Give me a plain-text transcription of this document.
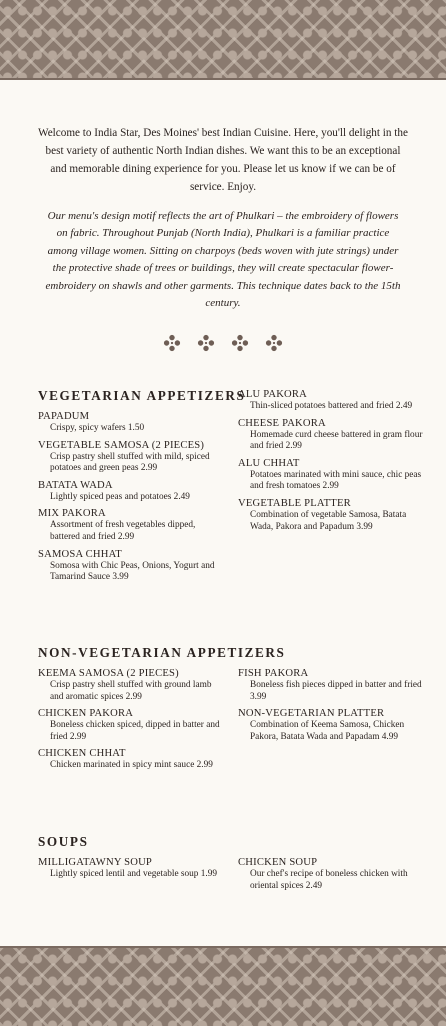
Welcome to India Star, Des Moines' best Indian Cuisine. Here, you'll delight in the best variety of authentic North Indian dishes. We want this to be an exceptional and memorable dining experience for you. Please let us know if we can be of service. Enjoy.
Our menu's design motif reflects the art of Phulkari – the embroidery of flowers on fabric. Throughout Punjab (North India), Phulkari is a familiar practice among village women. Sitting on charpoys (beds woven with jute strings) under the protective shade of trees or buildings, they will create spectacular flower-embroidery on shawls and other garments. This technique dates back to the 15th century.
VEGETARIAN APPETIZERS
PAPADUM
Crispy, spicy wafers 1.50
VEGETABLE SAMOSA (2 PIECES)
Crisp pastry shell stuffed with mild, spiced potatoes and green peas 2.99
BATATA WADA
Lightly spiced peas and potatoes 2.49
MIX PAKORA
Assortment of fresh vegetables dipped, battered and fried 2.99
SAMOSA CHHAT
Somosa with Chic Peas, Onions, Yogurt and Tamarind Sauce 3.99
ALU PAKORA
Thin-sliced potatoes battered and fried 2.49
CHEESE PAKORA
Homemade curd cheese battered in gram flour and fried 2.99
ALU CHHAT
Potatoes marinated with mini sauce, chic peas and fresh tomatoes 2.99
VEGETABLE PLATTER
Combination of vegetable Samosa, Batata Wada, Pakora and Papadum 3.99
NON-VEGETARIAN APPETIZERS
KEEMA SAMOSA (2 PIECES)
Crisp pastry shell stuffed with ground lamb and aromatic spices 2.99
CHICKEN PAKORA
Boneless chicken spiced, dipped in batter and fried 2.99
CHICKEN CHHAT
Chicken marinated in spicy mint sauce 2.99
FISH PAKORA
Boneless fish pieces dipped in batter and fried 3.99
NON-VEGETARIAN PLATTER
Combination of Keema Samosa, Chicken Pakora, Batata Wada and Papadam 4.99
SOUPS
MILLIGATAWNY SOUP
Lightly spiced lentil and vegetable soup 1.99
CHICKEN SOUP
Our chef's recipe of boneless chicken with oriental spices 2.49
